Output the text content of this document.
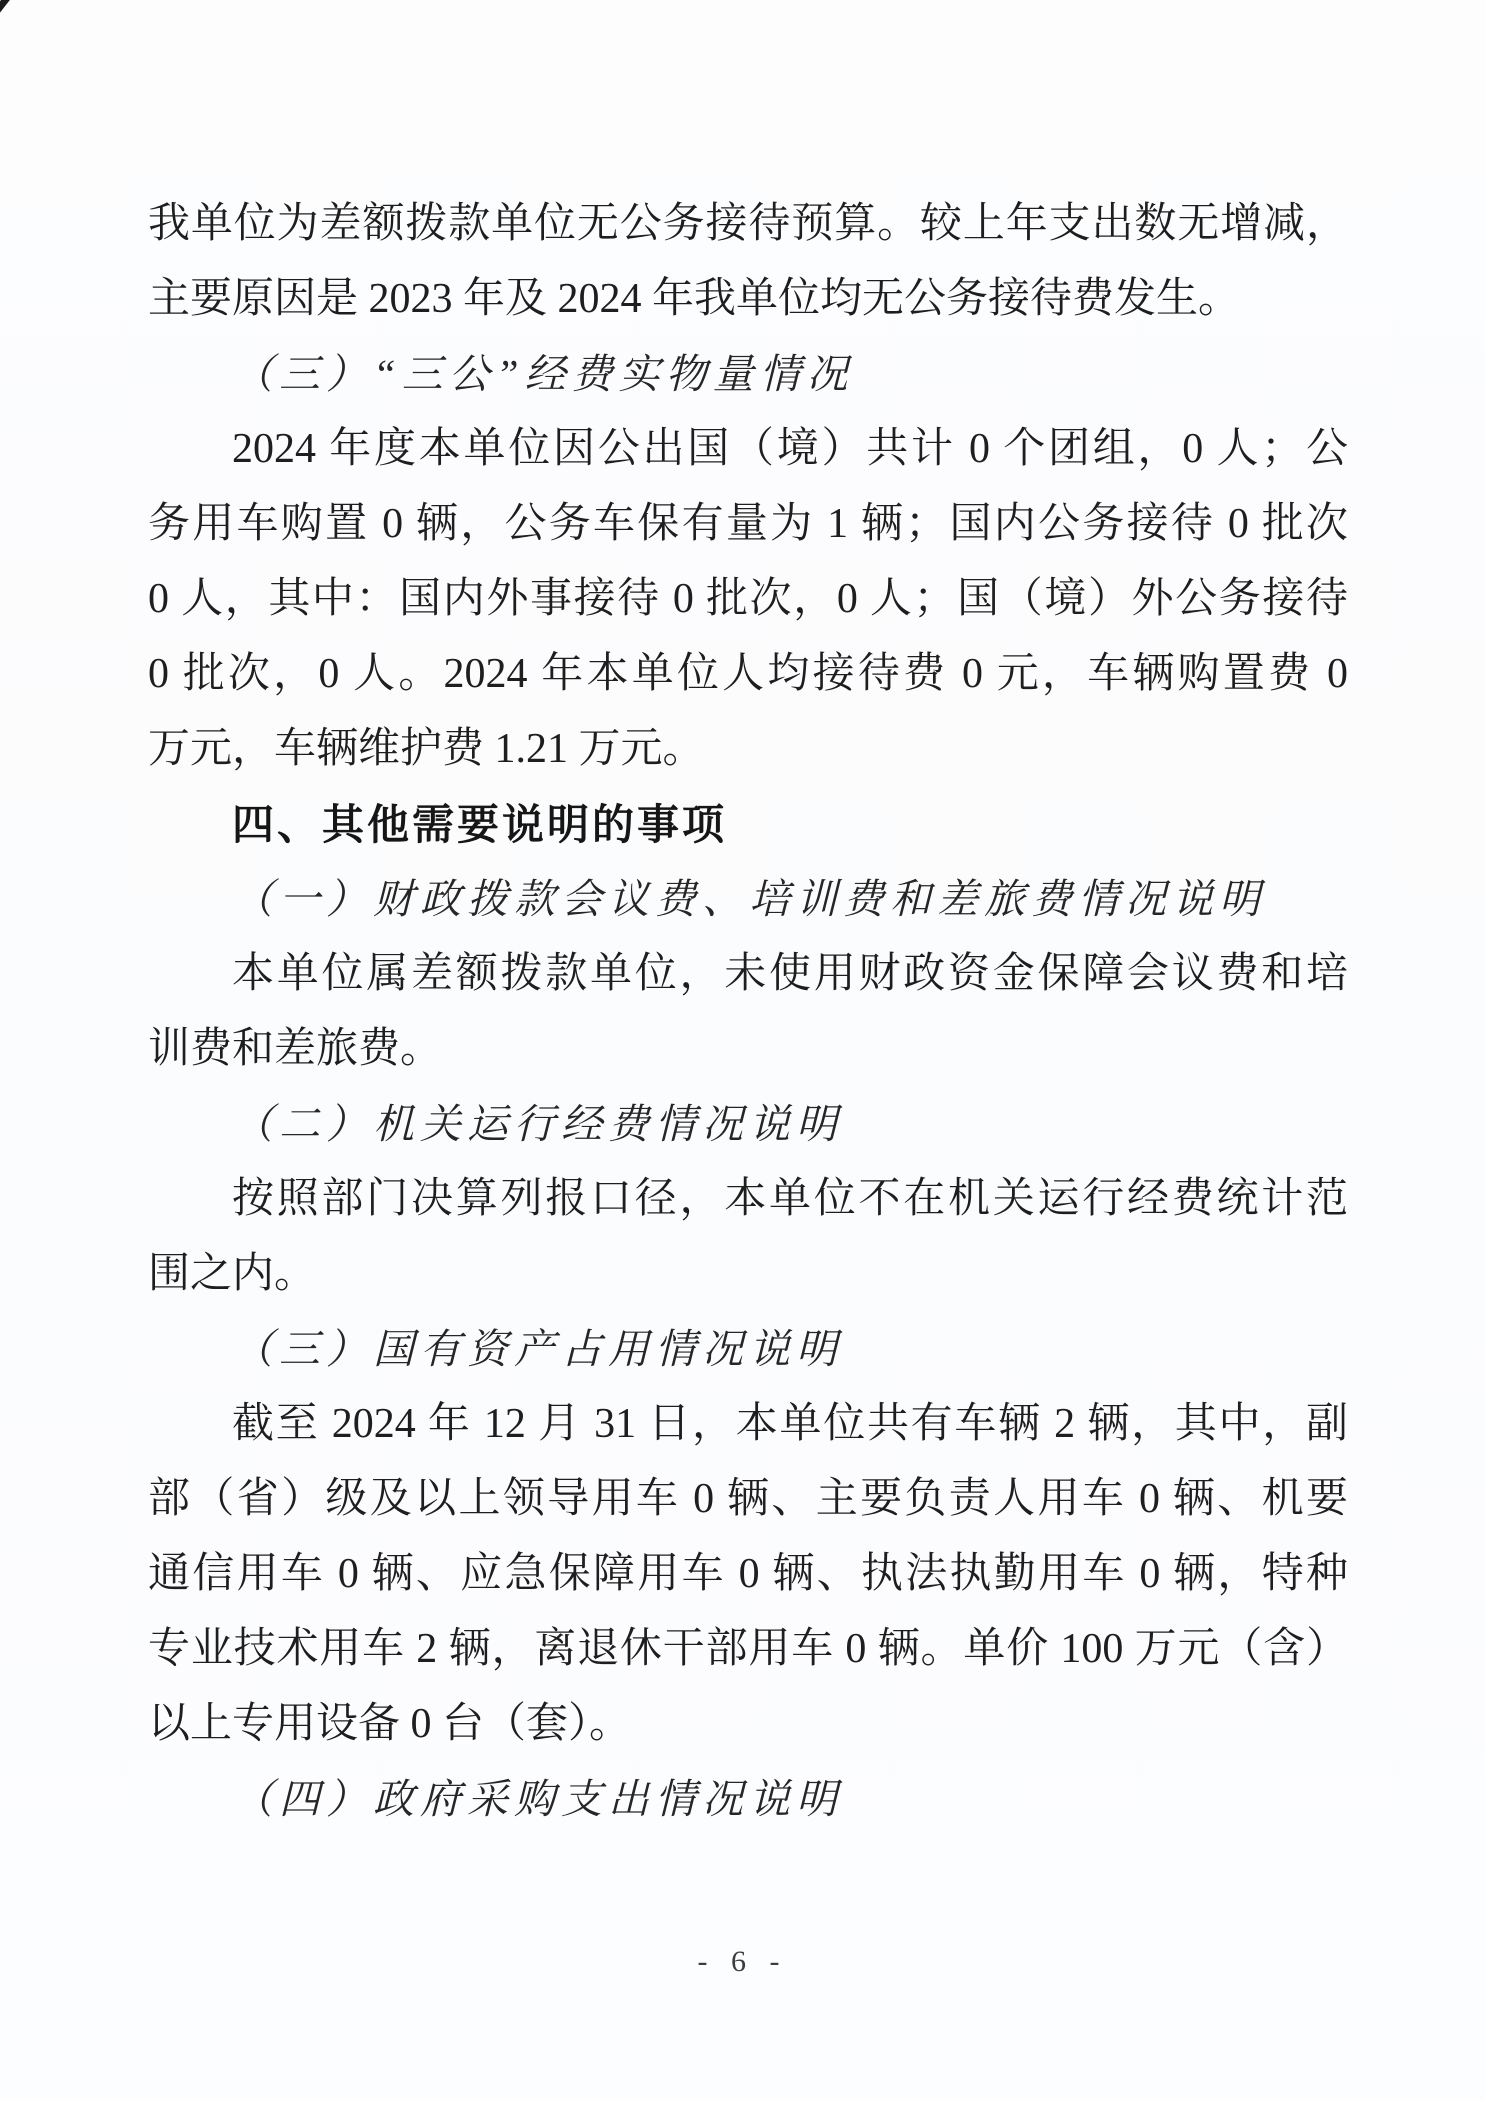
我单位为差额拨款单位无公务接待预算。较上年支出数无增减，
主要原因是 2023 年及 2024 年我单位均无公务接待费发生。
（三）“三公”经费实物量情况
2024 年度本单位因公出国（境）共计 0 个团组，0 人；公
务用车购置 0 辆，公务车保有量为 1 辆；国内公务接待 0 批次
0 人，其中：国内外事接待 0 批次，0 人；国（境）外公务接待
0 批次，0 人。2024 年本单位人均接待费 0 元，车辆购置费 0
万元，车辆维护费 1.21 万元。
四、其他需要说明的事项
（一）财政拨款会议费、培训费和差旅费情况说明
本单位属差额拨款单位，未使用财政资金保障会议费和培
训费和差旅费。
（二）机关运行经费情况说明
按照部门决算列报口径，本单位不在机关运行经费统计范
围之内。
（三）国有资产占用情况说明
截至 2024 年 12 月 31 日，本单位共有车辆 2 辆，其中，副
部（省）级及以上领导用车 0 辆、主要负责人用车 0 辆、机要
通信用车 0 辆、应急保障用车 0 辆、执法执勤用车 0 辆，特种
专业技术用车 2 辆，离退休干部用车 0 辆。单价 100 万元（含）
以上专用设备 0 台（套）。
（四）政府采购支出情况说明
- 6 -
